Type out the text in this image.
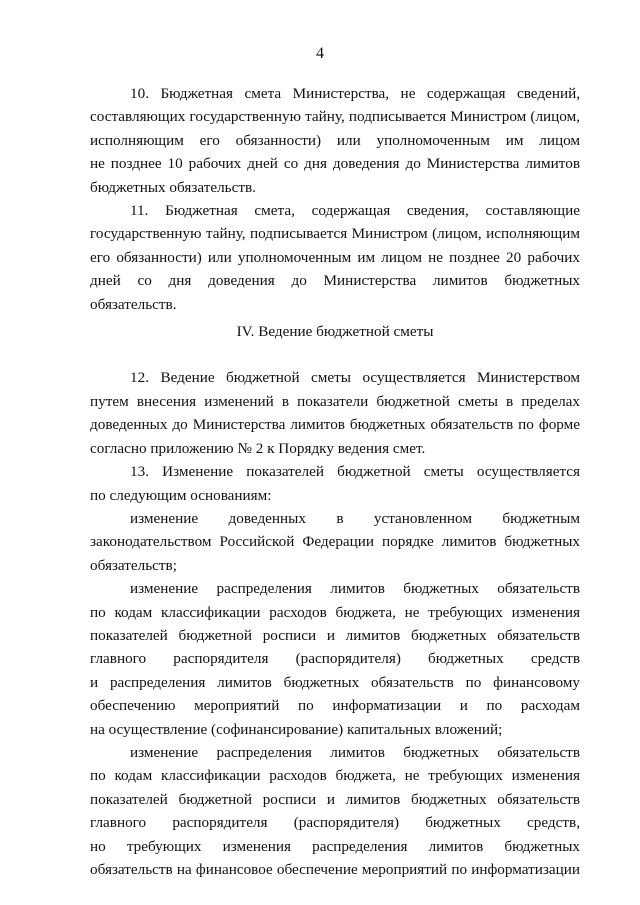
4
10. Бюджетная смета Министерства, не содержащая сведений,
составляющих государственную тайну, подписывается Министром (лицом,
исполняющим его обязанности) или уполномоченным им лицом
не позднее 10 рабочих дней со дня доведения до Министерства лимитов
бюджетных обязательств.
11. Бюджетная смета, содержащая сведения, составляющие
государственную тайну, подписывается Министром (лицом, исполняющим
его обязанности) или уполномоченным им лицом не позднее 20 рабочих
дней со дня доведения до Министерства лимитов бюджетных
обязательств.
IV. Ведение бюджетной сметы
12. Ведение бюджетной сметы осуществляется Министерством
путем внесения изменений в показатели бюджетной сметы в пределах
доведенных до Министерства лимитов бюджетных обязательств по форме
согласно приложению № 2 к Порядку ведения смет.
13. Изменение показателей бюджетной сметы осуществляется
по следующим основаниям:
изменение доведенных в установленном бюджетным
законодательством Российской Федерации порядке лимитов бюджетных
обязательств;
изменение распределения лимитов бюджетных обязательств
по кодам классификации расходов бюджета, не требующих изменения
показателей бюджетной росписи и лимитов бюджетных обязательств
главного распорядителя (распорядителя) бюджетных средств
и распределения лимитов бюджетных обязательств по финансовому
обеспечению мероприятий по информатизации и по расходам
на осуществление (софинансирование) капитальных вложений;
изменение распределения лимитов бюджетных обязательств
по кодам классификации расходов бюджета, не требующих изменения
показателей бюджетной росписи и лимитов бюджетных обязательств
главного распорядителя (распорядителя) бюджетных средств,
но требующих изменения распределения лимитов бюджетных
обязательств на финансовое обеспечение мероприятий по информатизации
